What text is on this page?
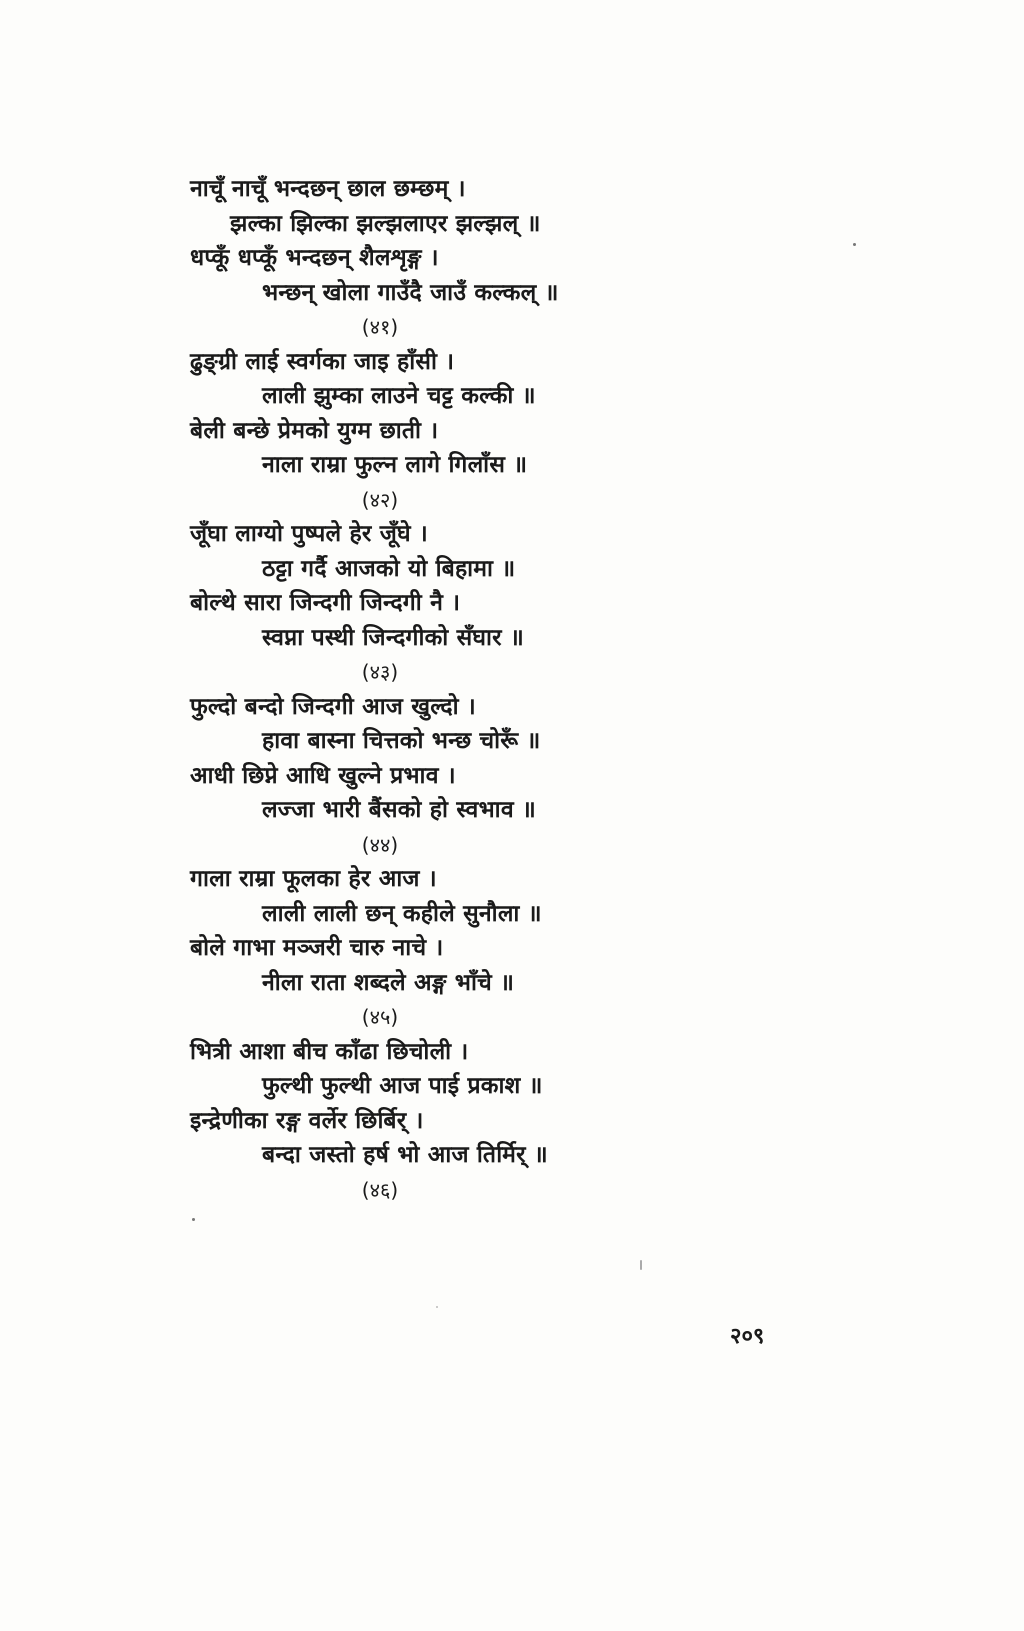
नाचूँ नाचूँ भन्दछन् छाल छम्छम् ।
झल्का झिल्का झल्झलाएर झल्झल् ॥
धप्कूँ धप्कूँ भन्दछन् शैलशृङ्ग ।
भन्छन् खोला गाउँदै जाउँ कल्कल् ॥
(४१)
ढुङ्ग्री लाई स्वर्गका जाइ हाँसी ।
लाली झुम्का लाउने चट्ट कल्की ॥
बेली बन्छे प्रेमको युग्म छाती ।
नाला राम्रा फुल्न लागे गिलाँस ॥
(४२)
जूँघा लाग्यो पुष्पले हेर जूँघे ।
ठट्टा गर्दै आजको यो बिहामा ॥
बोल्थे सारा जिन्दगी जिन्दगी नै ।
स्वप्ना पस्थी जिन्दगीको सँघार ॥
(४३)
फुल्दो बन्दो जिन्दगी आज खुल्दो ।
हावा बास्ना चित्तको भन्छ चोरूँ ॥
आधी छिप्ने आधि खुल्ने प्रभाव ।
लज्जा भारी बैंसको हो स्वभाव ॥
(४४)
गाला राम्रा फूलका हेर आज ।
लाली लाली छन् कहीले सुनौला ॥
बोले गाभा मञ्जरी चारु नाचे ।
नीला राता शब्दले अङ्ग भाँचे ॥
(४५)
भित्री आशा बीच काँढा छिचोली ।
फुल्थी फुल्थी आज पाई प्रकाश ॥
इन्द्रेणीका रङ्ग वर्लेर छिर्बिर् ।
बन्दा जस्तो हर्ष भो आज तिर्मिर् ॥
(४६)
२०९
